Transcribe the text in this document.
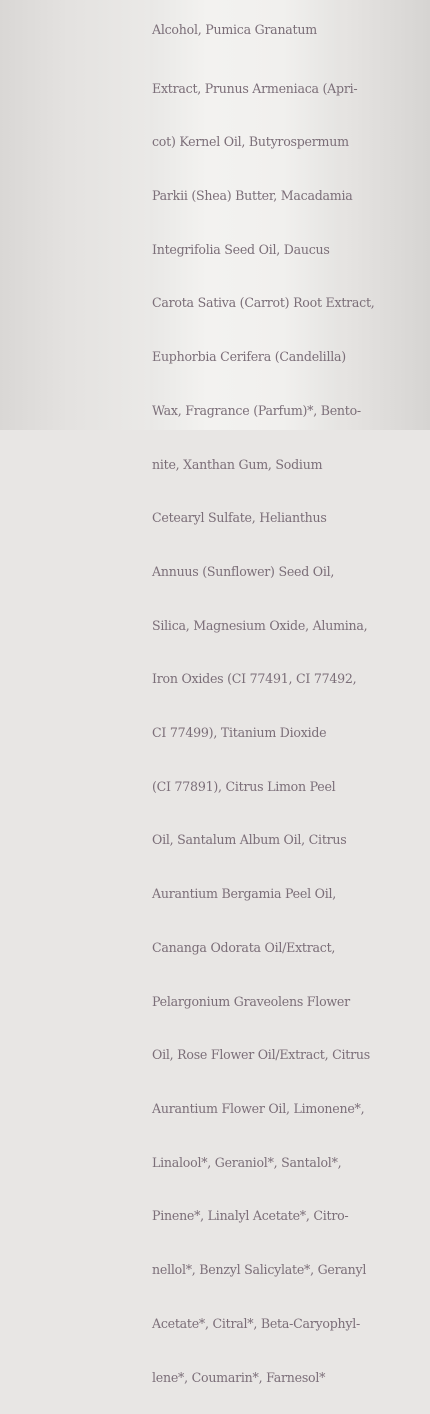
Alcohol, Pumica Granatum

Extract, Prunus Armeniaca (Apri-

cot) Kernel Oil, Butyrospermum

Parkii (Shea) Butter, Macadamia

Integrifolia Seed Oil, Daucus

Carota Sativa (Carrot) Root Extract,

Euphorbia Cerifera (Candelilla)

Wax, Fragrance (Parfum)*, Bento-

nite, Xanthan Gum, Sodium

Cetearyl Sulfate, Helianthus

Annuus (Sunflower) Seed Oil,

Silica, Magnesium Oxide, Alumina,

Iron Oxides (CI 77491, CI 77492,

CI 77499), Titanium Dioxide

(CI 77891), Citrus Limon Peel

Oil, Santalum Album Oil, Citrus

Aurantium Bergamia Peel Oil,

Cananga Odorata Oil/Extract,

Pelargonium Graveolens Flower

Oil, Rose Flower Oil/Extract, Citrus

Aurantium Flower Oil, Limonene*,

Linalool*, Geraniol*, Santalol*,

Pinene*, Linalyl Acetate*, Citro-

nellol*, Benzyl Salicylate*, Geranyl

Acetate*, Citral*, Beta-Caryophyl-

lene*, Coumarin*, Farnesol*
